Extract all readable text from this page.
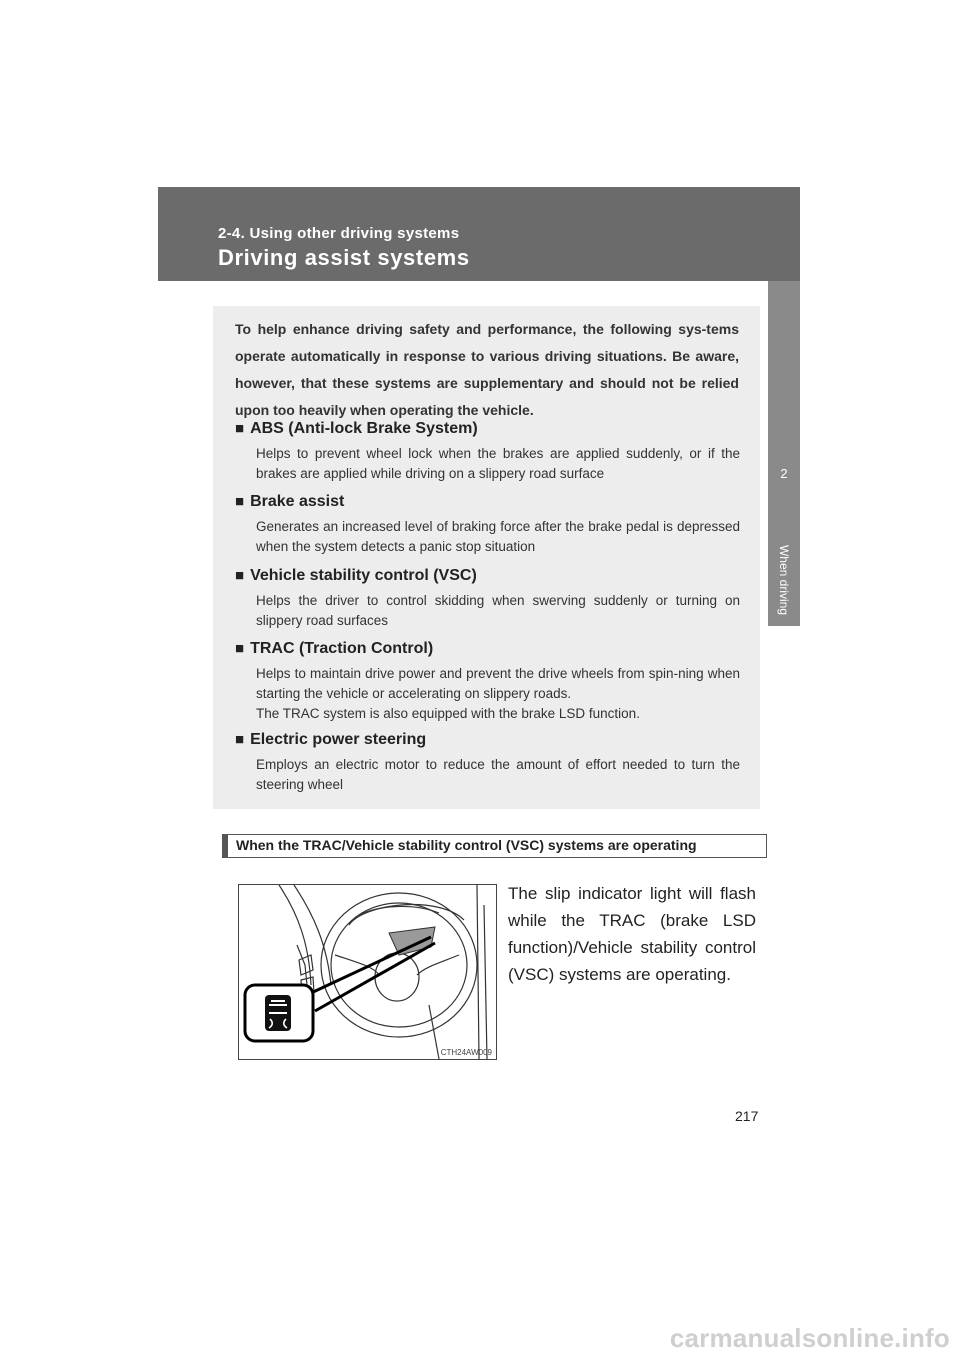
2-4. Using other driving systems
Driving assist systems
2
When driving
To help enhance driving safety and performance, the following sys-tems operate automatically in response to various driving situations. Be aware, however, that these systems are supplementary and should not be relied upon too heavily when operating the vehicle.
■ ABS (Anti-lock Brake System)
Helps to prevent wheel lock when the brakes are applied suddenly, or if the brakes are applied while driving on a slippery road surface
■ Brake assist
Generates an increased level of braking force after the brake pedal is depressed when the system detects a panic stop situation
■ Vehicle stability control (VSC)
Helps the driver to control skidding when swerving suddenly or turning on slippery road surfaces
■ TRAC (Traction Control)
Helps to maintain drive power and prevent the drive wheels from spin-ning when starting the vehicle or accelerating on slippery roads.
The TRAC system is also equipped with the brake LSD function.
■ Electric power steering
Employs an electric motor to reduce the amount of effort needed to turn the steering wheel
When the TRAC/Vehicle stability control (VSC) systems are operating
CTH24AW009
The slip indicator light will flash while the TRAC (brake LSD function)/Vehicle stability control (VSC) systems are operating.
217
carmanualsonline.info
